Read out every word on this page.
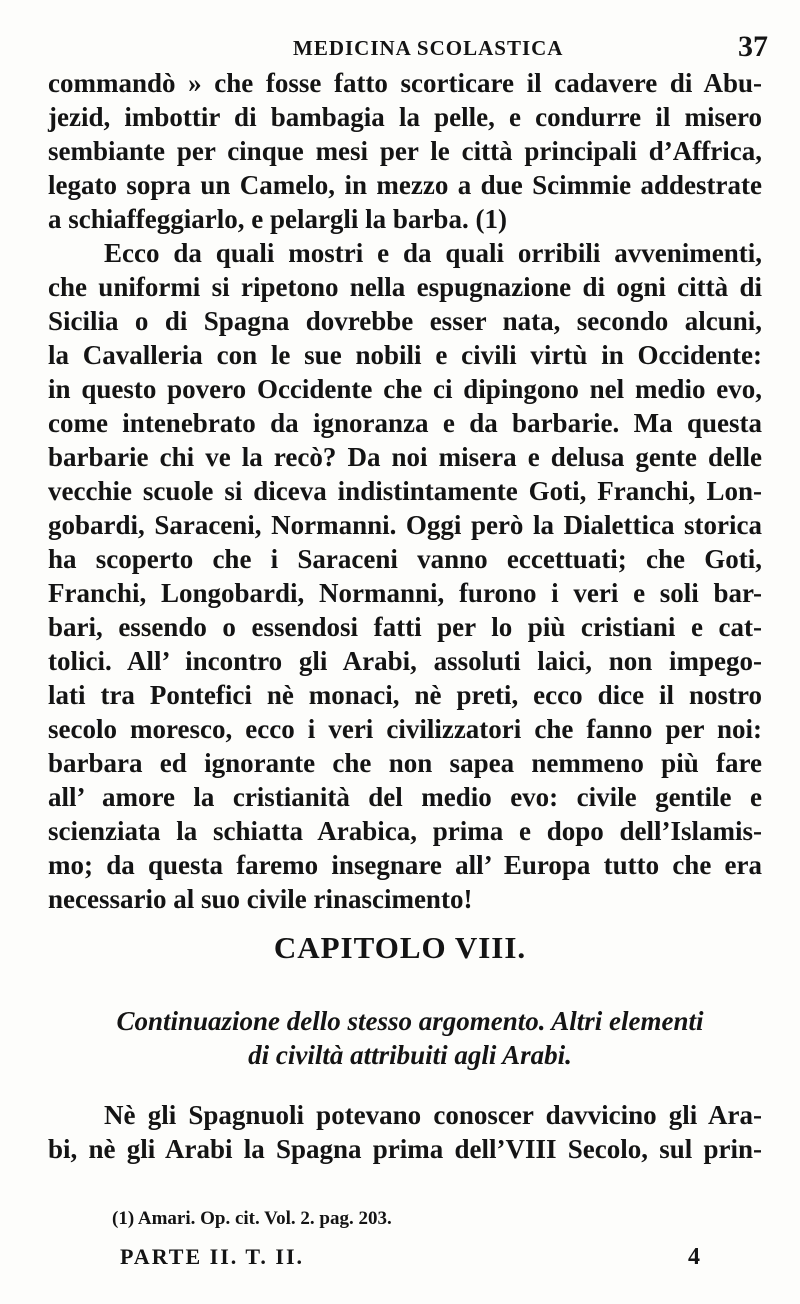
MEDICINA SCOLASTICA	37
commandò » che fosse fatto scorticare il cadavere di Abu-
jezid, imbottir di bambagia la pelle, e condurre il misero
sembiante per cinque mesi per le città principali d’Affrica,
legato sopra un Camelo, in mezzo a due Scimmie addestrate
a schiaffeggiarlo, e pelargli la barba. (1)
Ecco da quali mostri e da quali orribili avvenimenti,
che uniformi si ripetono nella espugnazione di ogni città di
Sicilia o di Spagna dovrebbe esser nata, secondo alcuni,
la Cavalleria con le sue nobili e civili virtù in Occidente:
in questo povero Occidente che ci dipingono nel medio evo,
come intenebrato da ignoranza e da barbarie. Ma questa
barbarie chi ve la recò? Da noi misera e delusa gente delle
vecchie scuole si diceva indistintamente Goti, Franchi, Lon-
gobardi, Saraceni, Normanni. Oggi però la Dialettica storica
ha scoperto che i Saraceni vanno eccettuati; che Goti,
Franchi, Longobardi, Normanni, furono i veri e soli bar-
bari, essendo o essendosi fatti per lo più cristiani e cat-
tolici. All’ incontro gli Arabi, assoluti laici, non impego-
lati tra Pontefici nè monaci, nè preti, ecco dice il nostro
secolo moresco, ecco i veri civilizzatori che fanno per noi:
barbara ed ignorante che non sapea nemmeno più fare
all’ amore la cristianità del medio evo: civile gentile e
scienziata la schiatta Arabica, prima e dopo dell’Islamis-
mo; da questa faremo insegnare all’ Europa tutto che era
necessario al suo civile rinascimento!
CAPITOLO VIII.
Continuazione dello stesso argomento. Altri elementi
di civiltà attribuiti agli Arabi.
Nè gli Spagnuoli potevano conoscer davvicino gli Ara-
bi, nè gli Arabi la Spagna prima dell’VIII Secolo, sul prin-
(1) Amari. Op. cit. Vol. 2. pag. 203.
PARTE II. T. II.	4
